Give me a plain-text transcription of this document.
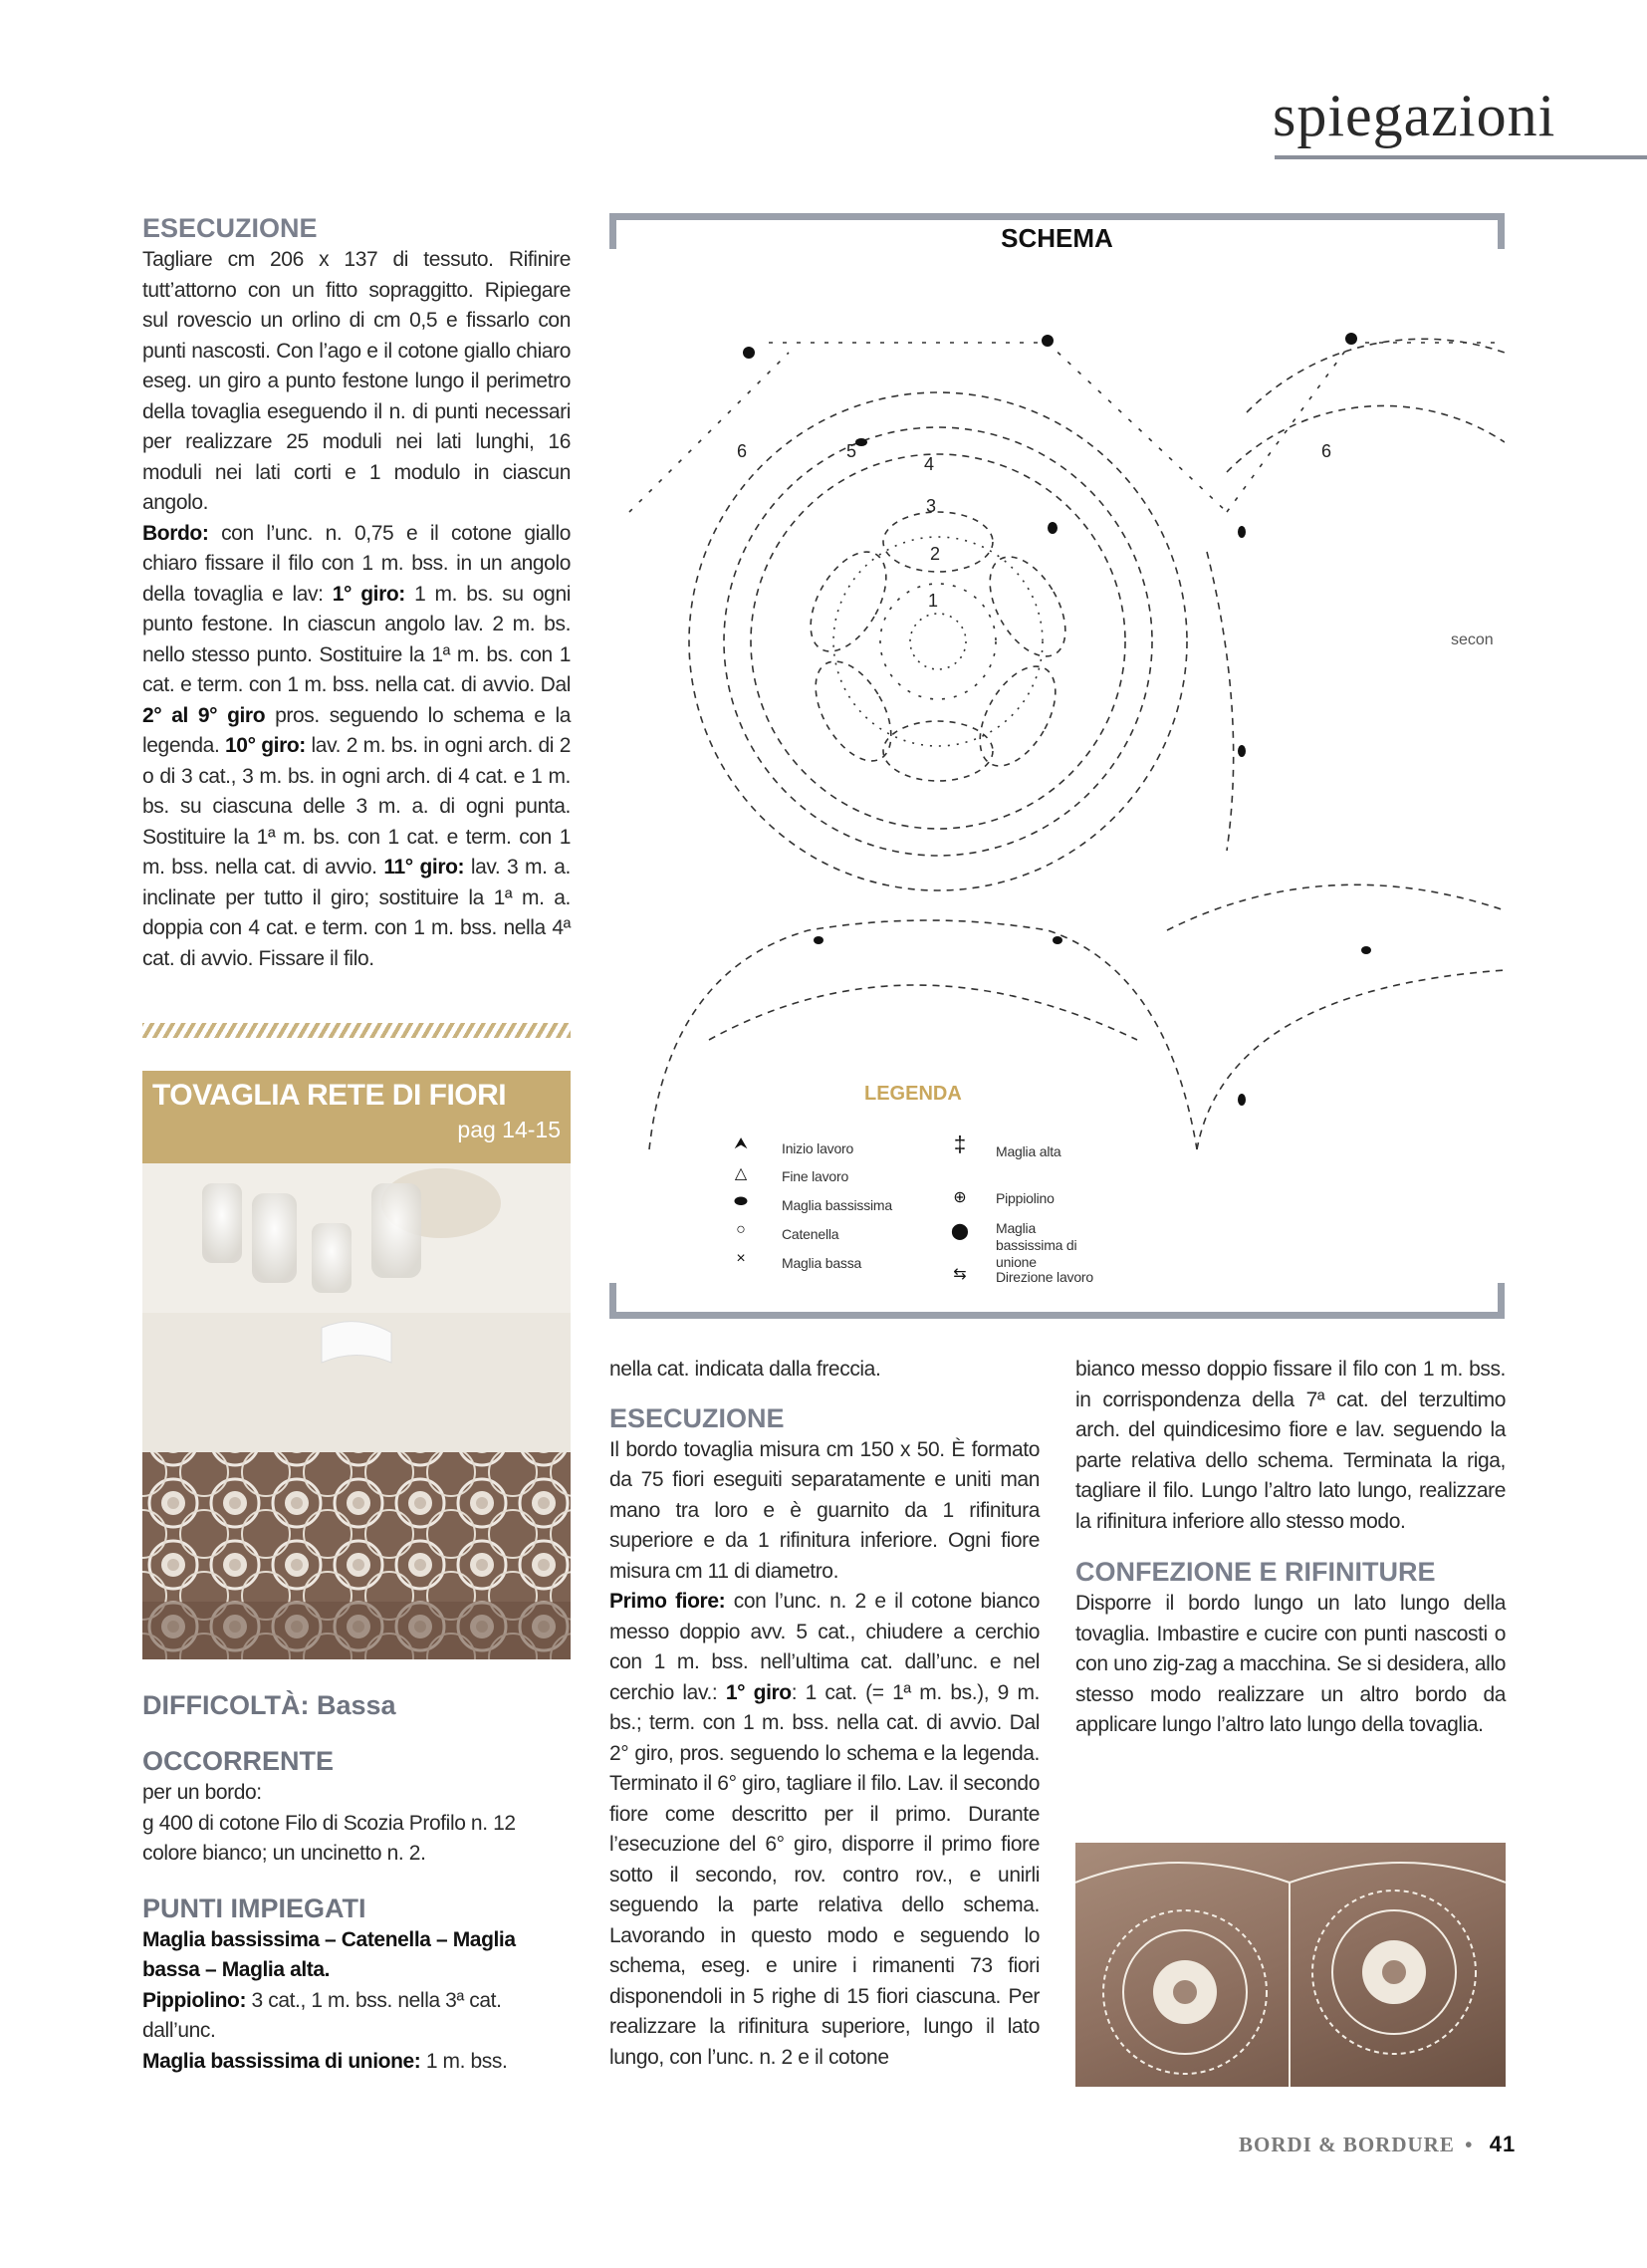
spiegazioni
ESECUZIONE

Tagliare cm 206 x 137 di tessuto. Rifinire tutt’attorno con un fitto sopraggitto. Ripiegare sul rovescio un orlino di cm 0,5 e fissarlo con punti nascosti. Con l’ago e il cotone giallo chiaro eseg. un giro a punto festone lungo il perimetro della tovaglia eseguendo il n. di punti necessari per realizzare 25 moduli nei lati lunghi, 16 moduli nei lati corti e 1 modulo in ciascun angolo.

Bordo: con l’unc. n. 0,75 e il cotone giallo chiaro fissare il filo con 1 m. bss. in un angolo della tovaglia e lav: 1° giro: 1 m. bs. su ogni punto festone. In ciascun angolo lav. 2 m. bs. nello stesso punto. Sostituire la 1ª m. bs. con 1 cat. e term. con 1 m. bss. nella cat. di avvio. Dal 2° al 9° giro pros. seguendo lo schema e la legenda. 10° giro: lav. 2 m. bs. in ogni arch. di 2 o di 3 cat., 3 m. bs. in ogni arch. di 4 cat. e 1 m. bs. su ciascuna delle 3 m. a. di ogni punta. Sostituire la 1ª m. bs. con 1 cat. e term. con 1 m. bss. nella cat. di avvio. 11° giro: lav. 3 m. a. inclinate per tutto il giro; sostituire la 1ª m. a. doppia con 4 cat. e term. con 1 m. bss. nella 4ª cat. di avvio. Fissare il filo.

TOVAGLIA RETE DI FIORI
pag 14-15
DIFFICOLTÀ: Bassa
OCCORRENTE

per un bordo:
g 400 di cotone Filo di Scozia Profilo n. 12 colore bianco; un uncinetto n. 2.

PUNTI IMPIEGATI

Maglia bassissima – Catenella – Maglia bassa – Maglia alta.

Pippiolino: 3 cat., 1 m. bss. nella 3ª cat. dall’unc.

Maglia bassissima di unione: 1 m. bss.

4
3
2
1
6	5	6
SCHEMA
secon
LEGENDA
⮝	Inizio lavoro
△	Fine lavoro
⬬	Maglia bassissima
○	Catenella
×	Maglia bassa
‡	Maglia alta
⊕	Pippiolino
⬤ Maglia bassissima di unione
⇆	Direzione lavoro

nella cat. indicata dalla freccia.

ESECUZIONE

Il bordo tovaglia misura cm 150 x 50. È formato da 75 fiori eseguiti separatamente e uniti man mano tra loro e è guarnito da 1 rifinitura superiore e da 1 rifinitura inferiore. Ogni fiore misura cm 11 di diametro.

Primo fiore: con l’unc. n. 2 e il cotone bianco messo doppio avv. 5 cat., chiudere a cerchio con 1 m. bss. nell’ultima cat. dall’unc. e nel cerchio lav.: 1° giro: 1 cat. (= 1ª m. bs.), 9 m. bs.; term. con 1 m. bss. nella cat. di avvio. Dal 2° giro, pros. seguendo lo schema e la legenda. Terminato il 6° giro, tagliare il filo. Lav. il secondo fiore come descritto per il primo. Durante l’esecuzione del 6° giro, disporre il primo fiore sotto il secondo, rov. contro rov., e unirli seguendo la parte relativa dello schema. Lavorando in questo modo e seguendo lo schema, eseg. e unire i rimanenti 73 fiori disponendoli in 5 righe di 15 fiori ciascuna. Per realizzare la rifinitura superiore, lungo il lato lungo, con l’unc. n. 2 e il cotone

bianco messo doppio fissare il filo con 1 m. bss. in corrispondenza della 7ª cat. del terzultimo arch. del quindicesimo fiore e lav. seguendo la parte relativa dello schema. Terminata la riga, tagliare il filo. Lungo l’altro lato lungo, realizzare la rifinitura inferiore allo stesso modo.

CONFEZIONE E RIFINITURE

Disporre il bordo lungo un lato lungo della tovaglia. Imbastire e cucire con punti nascosti o con uno zig-zag a macchina. Se si desidera, allo stesso modo realizzare un altro bordo da applicare lungo l’altro lato lungo della tovaglia.

BORDI & BORDURE • 41
